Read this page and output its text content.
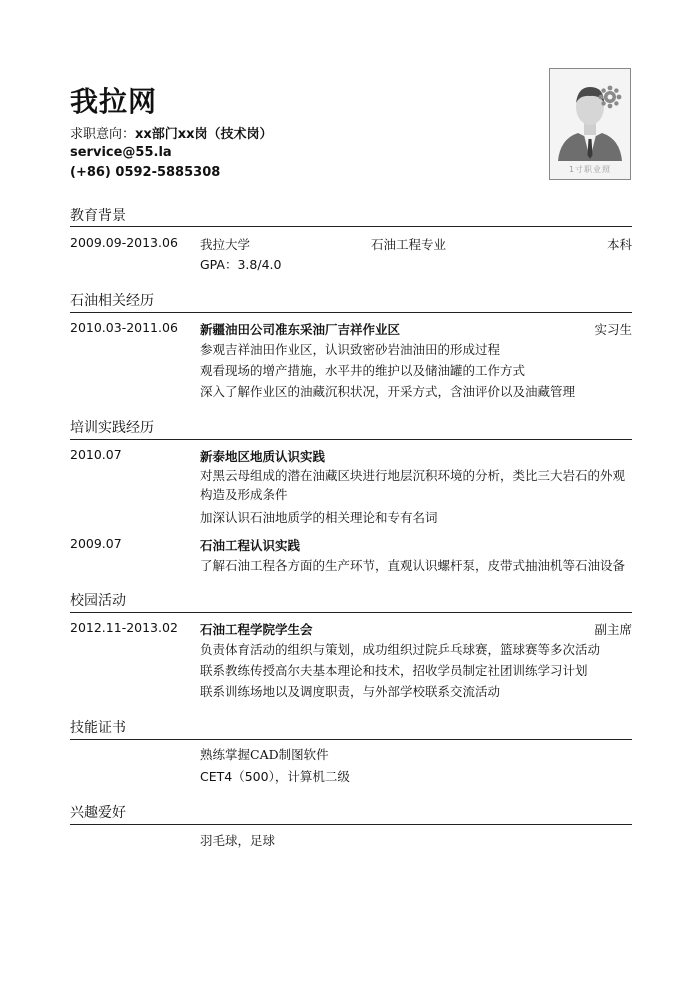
我拉网
求职意向：xx部门xx岗（技术岗）
service@55.la
(+86) 0592-5885308	1寸职业照
教育背景
2009.09-2013.06 我拉大学	石油工程专业	本科
GPA：3.8/4.0
石油相关经历
2010.03-2011.06 新疆油田公司准东采油厂吉祥作业区	实习生
参观吉祥油田作业区，认识致密砂岩油油田的形成过程
观看现场的增产措施，水平井的维护以及储油罐的工作方式
深入了解作业区的油藏沉积状况，开采方式，含油评价以及油藏管理
培训实践经历
2010.07	新泰地区地质认识实践
对黑云母组成的潜在油藏区块进行地层沉积环境的分析，类比三大岩石的外观构造及形成条件
加深认识石油地质学的相关理论和专有名词
2009.07	石油工程认识实践
了解石油工程各方面的生产环节，直观认识螺杆泵，皮带式抽油机等石油设备
校园活动
2012.11-2013.02 石油工程学院学生会	副主席
负责体育活动的组织与策划，成功组织过院乒乓球赛，篮球赛等多次活动
联系教练传授高尔夫基本理论和技术，招收学员制定社团训练学习计划
联系训练场地以及调度职责，与外部学校联系交流活动
技能证书
熟练掌握CAD制图软件
CET4（500），计算机二级
兴趣爱好
羽毛球，足球
